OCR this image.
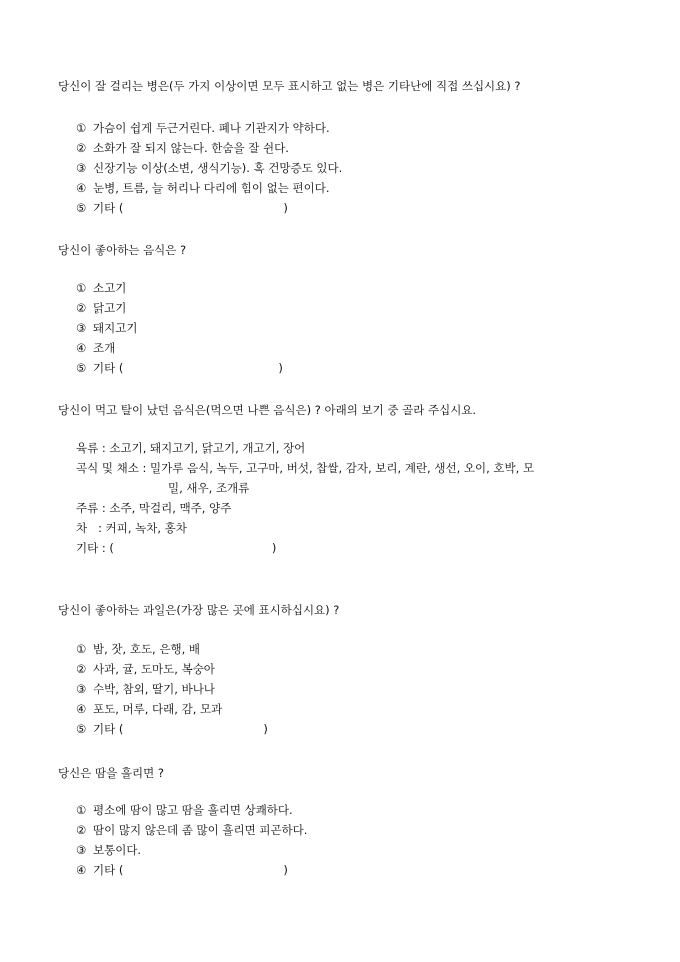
당신이 잘 걸리는 병은(두 가지 이상이면 모두 표시하고 없는 병은 기타난에 직접 쓰십시요) ?
① 가슴이 쉽게 두근거린다. 폐나 기관지가 약하다.
② 소화가 잘 되지 않는다. 한숨을 잘 쉰다.
③ 신장기능 이상(소변, 생식기능). 혹 건망증도 있다.
④ 눈병, 트름, 늘 허리나 다리에 힘이 없는 편이다.
⑤ 기타 (	)
당신이 좋아하는 음식은 ?
① 소고기
② 닭고기
③ 돼지고기
④ 조개
⑤ 기타 (	)
당신이 먹고 탈이 났던 음식은(먹으면 나쁜 음식은) ? 아래의 보기 중 골라 주십시요.
육류 : 소고기, 돼지고기, 닭고기, 개고기, 장어
곡식 및 채소 : 밀가루 음식, 녹두, 고구마, 버섯, 찹쌀, 감자, 보리, 계란, 생선, 오이, 호박, 모
밀, 새우, 조개류
주류 : 소주, 막걸리, 맥주, 양주
차   : 커피, 녹차, 홍차
기타 : (	)
당신이 좋아하는 과일은(가장 많은 곳에 표시하십시요) ?
① 밤, 잣, 호도, 은행, 배
② 사과, 귤, 도마도, 복숭아
③ 수박, 참외, 딸기, 바나나
④ 포도, 머루, 다래, 감, 모과
⑤ 기타 (	)
당신은 땀을 흘리면 ?
① 평소에 땀이 많고 땀을 흘리면 상쾌하다.
② 땀이 많지 않은데 좀 많이 흘리면 피곤하다.
③ 보통이다.
④ 기타 (	)
